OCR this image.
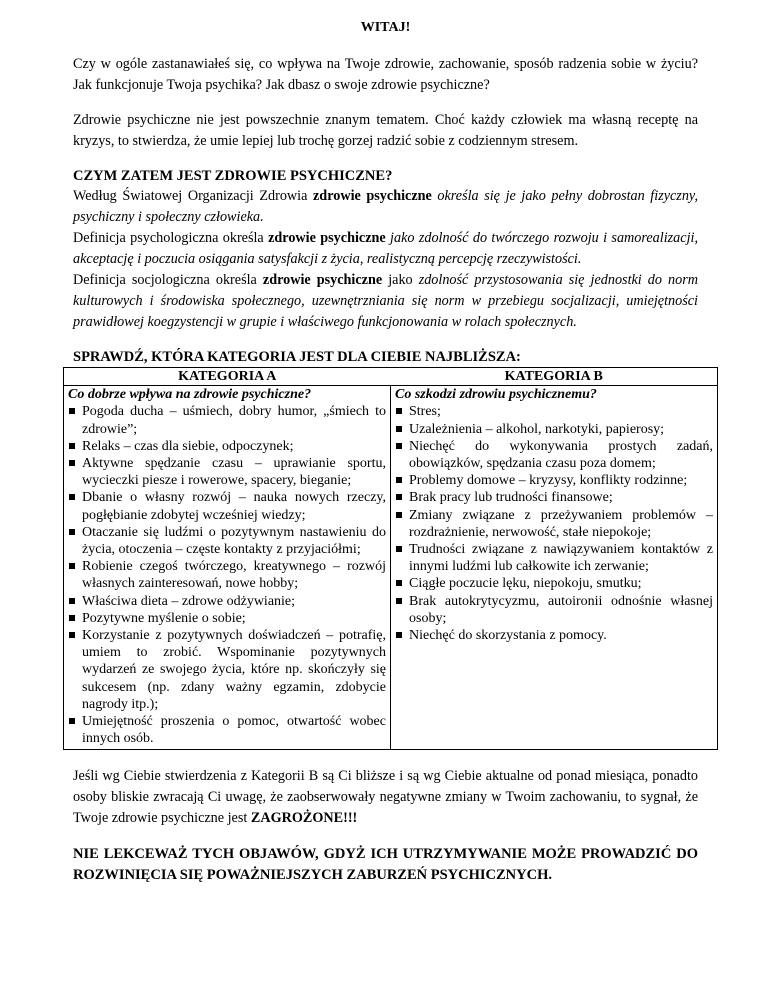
WITAJ!

Czy w ogóle zastanawiałeś się, co wpływa na Twoje zdrowie, zachowanie, sposób radzenia sobie w życiu? Jak funkcjonuje Twoja psychika? Jak dbasz o swoje zdrowie psychiczne?

Zdrowie psychiczne nie jest powszechnie znanym tematem. Choć każdy człowiek ma własną receptę na kryzys, to stwierdza, że umie lepiej lub trochę gorzej radzić sobie z codziennym stresem.

CZYM ZATEM JEST ZDROWIE PSYCHICZNE?

Według Światowej Organizacji Zdrowia zdrowie psychiczne określa się je jako pełny dobrostan fizyczny, psychiczny i społeczny człowieka.

Definicja psychologiczna określa zdrowie psychiczne jako zdolność do twórczego rozwoju i samorealizacji, akceptację i poczucia osiągania satysfakcji z życia, realistyczną percepcję rzeczywistości.

Definicja socjologiczna określa zdrowie psychiczne jako zdolność przystosowania się jednostki do norm kulturowych i środowiska społecznego, uzewnętrzniania się norm w przebiegu socjalizacji, umiejętności prawidłowej koegzystencji w grupie i właściwego funkcjonowania w rolach społecznych.

SPRAWDŹ, KTÓRA KATEGORIA JEST DLA CIEBIE NAJBLIŻSZA:
KATEGORIA A	KATEGORIA B
Co dobrze wpływa na zdrowie psychiczne?
Pogoda ducha – uśmiech, dobry humor, „śmiech to zdrowie”;
Relaks – czas dla siebie, odpoczynek;
Aktywne spędzanie czasu – uprawianie sportu, wycieczki piesze i rowerowe, spacery, bieganie;
Dbanie o własny rozwój – nauka nowych rzeczy, pogłębianie zdobytej wcześniej wiedzy;
Otaczanie się ludźmi o pozytywnym nastawieniu do życia, otoczenia – częste kontakty z przyjaciółmi;
Robienie czegoś twórczego, kreatywnego – rozwój własnych zainteresowań, nowe hobby;
Właściwa dieta – zdrowe odżywianie;
Pozytywne myślenie o sobie;
Korzystanie z pozytywnych doświadczeń – potrafię, umiem to zrobić. Wspominanie pozytywnych wydarzeń ze swojego życia, które np. skończyły się sukcesem (np. zdany ważny egzamin, zdobycie nagrody itp.);
Umiejętność proszenia o pomoc, otwartość wobec innych osób.
Co szkodzi zdrowiu psychicznemu?
Stres;
Uzależnienia – alkohol, narkotyki, papierosy;
Niechęć do wykonywania prostych zadań, obowiązków, spędzania czasu poza domem;
Problemy domowe – kryzysy, konflikty rodzinne;
Brak pracy lub trudności finansowe;
Zmiany związane z przeżywaniem problemów – rozdrażnienie, nerwowość, stałe niepokoje;
Trudności związane z nawiązywaniem kontaktów z innymi ludźmi lub całkowite ich zerwanie;
Ciągłe poczucie lęku, niepokoju, smutku;
Brak autokrytycyzmu, autoironii odnośnie własnej osoby;
Niechęć do skorzystania z pomocy.

Jeśli wg Ciebie stwierdzenia z Kategorii B są Ci bliższe i są wg Ciebie aktualne od ponad miesiąca, ponadto osoby bliskie zwracają Ci uwagę, że zaobserwowały negatywne zmiany w Twoim zachowaniu, to sygnał, że Twoje zdrowie psychiczne jest ZAGROŻONE!!!

NIE LEKCEWAŻ TYCH OBJAWÓW, GDYŻ ICH UTRZYMYWANIE MOŻE PROWADZIĆ DO ROZWINIĘCIA SIĘ POWAŻNIEJSZYCH ZABURZEŃ PSYCHICZNYCH.
